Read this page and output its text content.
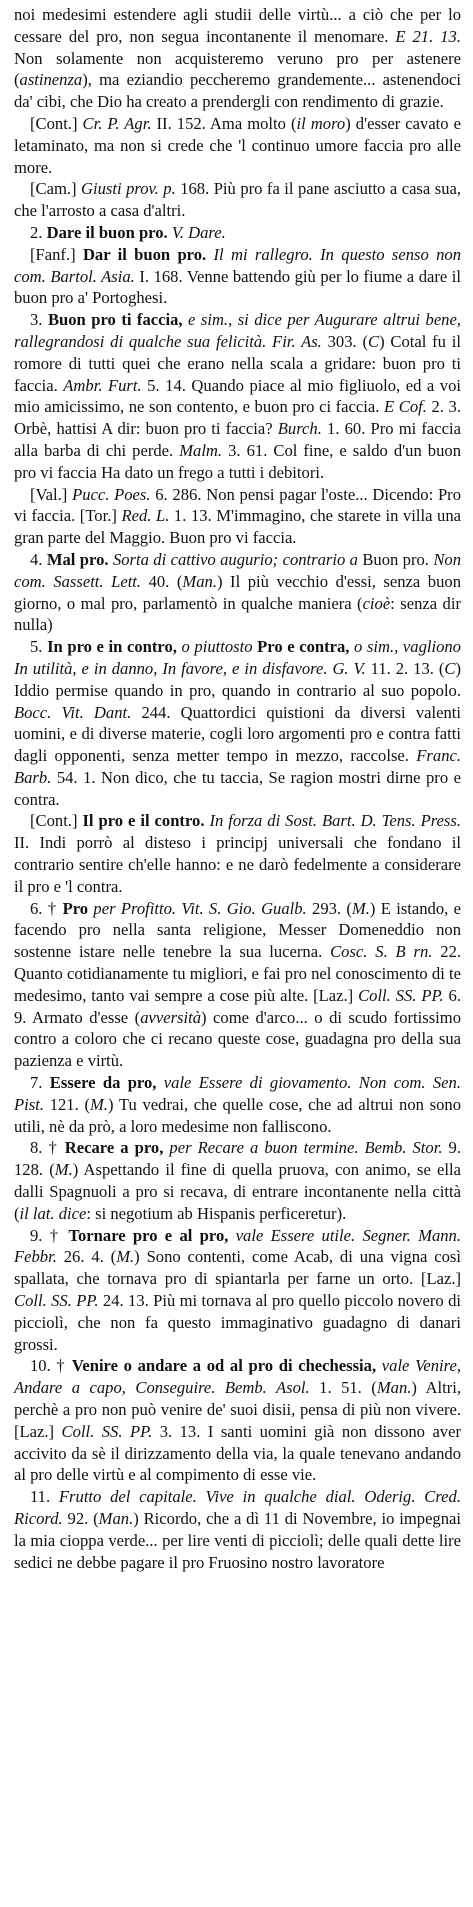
noi medesimi estendere agli studii delle virtù... a ciò che per lo cessare del pro, non segua incontanente il menomare. E 21. 13. Non solamente non acquisteremo veruno pro per astenere (astinenza), ma eziandio peccheremo grandemente... astenendoci da' cibi, che Dio ha creato a prendergli con rendimento di grazie.

[Cont.] Cr. P. Agr. II. 152. Ama molto (il moro) d'esser cavato e letaminato, ma non si crede che 'l continuo umore faccia pro alle more.

[Cam.] Giusti prov. p. 168. Più pro fa il pane asciutto a casa sua, che l'arrosto a casa d'altri.

2. Dare il buon pro. V. Dare.

[Fanf.] Dar il buon pro. Il mi rallegro. In questo senso non com. Bartol. Asia. I. 168. Venne battendo giù per lo fiume a dare il buon pro a' Portoghesi.

3. Buon pro ti faccia, e sim., si dice per Augurare altrui bene, rallegrandosi di qualche sua felicità. Fir. As. 303. (C) Cotal fu il romore di tutti quei che erano nella scala a gridare: buon pro ti faccia. Ambr. Furt. 5. 14. Quando piace al mio figliuolo, ed a voi mio amicissimo, ne son contento, e buon pro ci faccia. E Cof. 2. 3. Orbè, hattisi A dir: buon pro ti faccia? Burch. 1. 60. Pro mi faccia alla barba di chi perde. Malm. 3. 61. Col fine, e saldo d'un buon pro vi faccia Ha dato un frego a tutti i debitori.

[Val.] Pucc. Poes. 6. 286. Non pensi pagar l'oste... Dicendo: Pro vi faccia. [Tor.] Red. L. 1. 13. M'immagino, che starete in villa una gran parte del Maggio. Buon pro vi faccia.

4. Mal pro. Sorta di cattivo augurio; contrario a Buon pro. Non com. Sassett. Lett. 40. (Man.) Il più vecchio d'essi, senza buon giorno, o mal pro, parlamentò in qualche maniera (cioè: senza dir nulla)

5. In pro e in contro, o piuttosto Pro e contra, o sim., vagliono In utilità, e in danno, In favore, e in disfavore. G. V. 11. 2. 13. (C) Iddio permise quando in pro, quando in contrario al suo popolo. Bocc. Vit. Dant. 244. Quattordici quistioni da diversi valenti uomini, e di diverse materie, cogli loro argomenti pro e contra fatti dagli opponenti, senza metter tempo in mezzo, raccolse. Franc. Barb. 54. 1. Non dico, che tu taccia, Se ragion mostri dirne pro e contra.

[Cont.] Il pro e il contro. In forza di Sost. Bart. D. Tens. Press. II. Indi porrò al disteso i principj universali che fondano il contrario sentire ch'elle hanno: e ne darò fedelmente a considerare il pro e 'l contra.

6. † Pro per Profitto. Vit. S. Gio. Gualb. 293. (M.) E istando, e facendo pro nella santa religione, Messer Domeneddio non sostenne istare nelle tenebre la sua lucerna. Cosc. S. B rn. 22. Quanto cotidianamente tu migliori, e fai pro nel conoscimento di te medesimo, tanto vai sempre a cose più alte. [Laz.] Coll. SS. PP. 6. 9. Armato d'esse (avversità) come d'arco... o di scudo fortissimo contro a coloro che ci recano queste cose, guadagna pro della sua pazienza e virtù.

7. Essere da pro, vale Essere di giovamento. Non com. Sen. Pist. 121. (M.) Tu vedrai, che quelle cose, che ad altrui non sono utili, nè da prò, a loro medesime non falliscono.

8. † Recare a pro, per Recare a buon termine. Bemb. Stor. 9. 128. (M.) Aspettando il fine di quella pruova, con animo, se ella dalli Spagnuoli a pro si recava, di entrare incontanente nella città (il lat. dice: si negotium ab Hispanis perficeretur).

9. † Tornare pro e al pro, vale Essere utile. Segner. Mann. Febbr. 26. 4. (M.) Sono contenti, come Acab, di una vigna così spallata, che tornava pro di spiantarla per farne un orto. [Laz.] Coll. SS. PP. 24. 13. Più mi tornava al pro quello piccolo novero di picciolì, che non fa questo immaginativo guadagno di danari grossi.

10. † Venire o andare a od al pro di chechessia, vale Venire, Andare a capo, Conseguire. Bemb. Asol. 1. 51. (Man.) Altri, perchè a pro non può venire de' suoi disii, pensa di più non vivere. [Laz.] Coll. SS. PP. 3. 13. I santi uomini già non dissono aver accivito da sè il dirizzamento della via, la quale tenevano andando al pro delle virtù e al compimento di esse vie.

11. Frutto del capitale. Vive in qualche dial. Oderig. Cred. Ricord. 92. (Man.) Ricordo, che a dì 11 di Novembre, io impegnai la mia cioppa verde... per lire venti di picciolì; delle quali dette lire sedici ne debbe pagare il pro Fruosino nostro lavoratore
